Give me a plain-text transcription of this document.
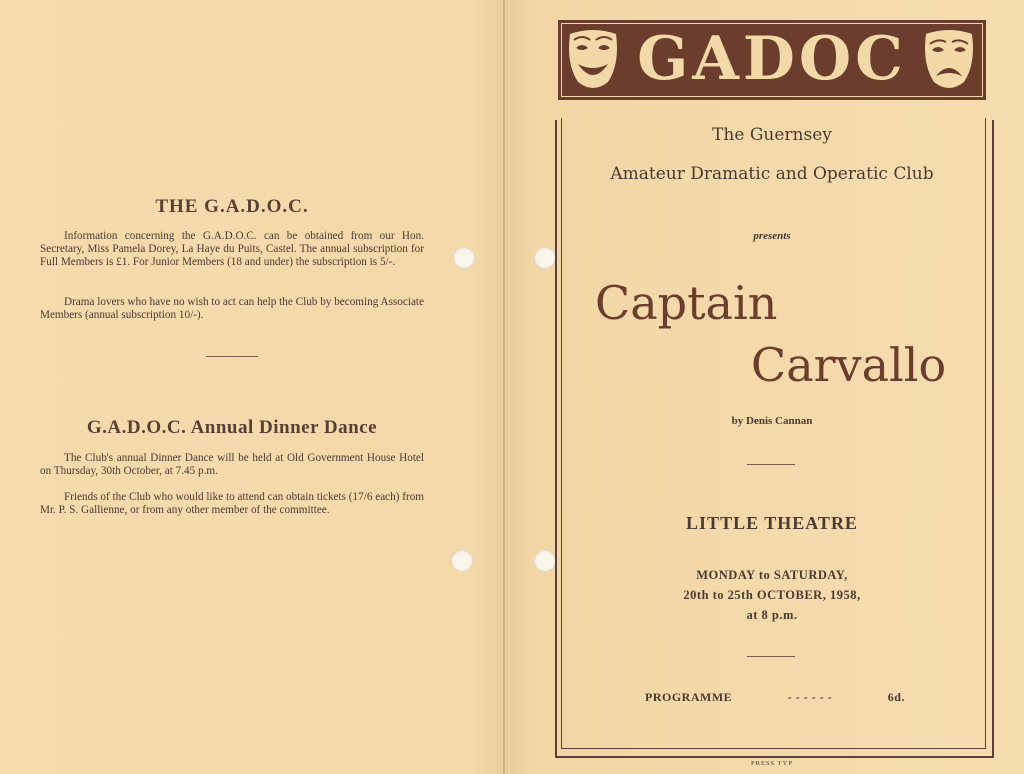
THE G.A.D.O.C.

Information concerning the G.A.D.O.C. can be obtained from our Hon. Secretary, Miss Pamela Dorey, La Haye du Puits, Castel. The annual subscription for Full Members is £1. For Junior Members (18 and under) the subscription is 5/-.

Drama lovers who have no wish to act can help the Club by becoming Associate Members (annual subscription 10/-).

G.A.D.O.C. Annual Dinner Dance

The Club's annual Dinner Dance will be held at Old Government House Hotel on Thursday, 30th October, at 7.45 p.m.

Friends of the Club who would like to attend can obtain tickets (17/6 each) from Mr. P. S. Gallienne, or from any other member of the committee.

GADOC

The Guernsey

Amateur Dramatic and Operatic Club

presents

Captain

Carvallo

by Denis Cannan

LITTLE THEATRE

MONDAY to SATURDAY,

20th to 25th OCTOBER, 1958,

at 8 p.m.

PROGRAMME	- - - - - -	6d.

PRESS TYP
